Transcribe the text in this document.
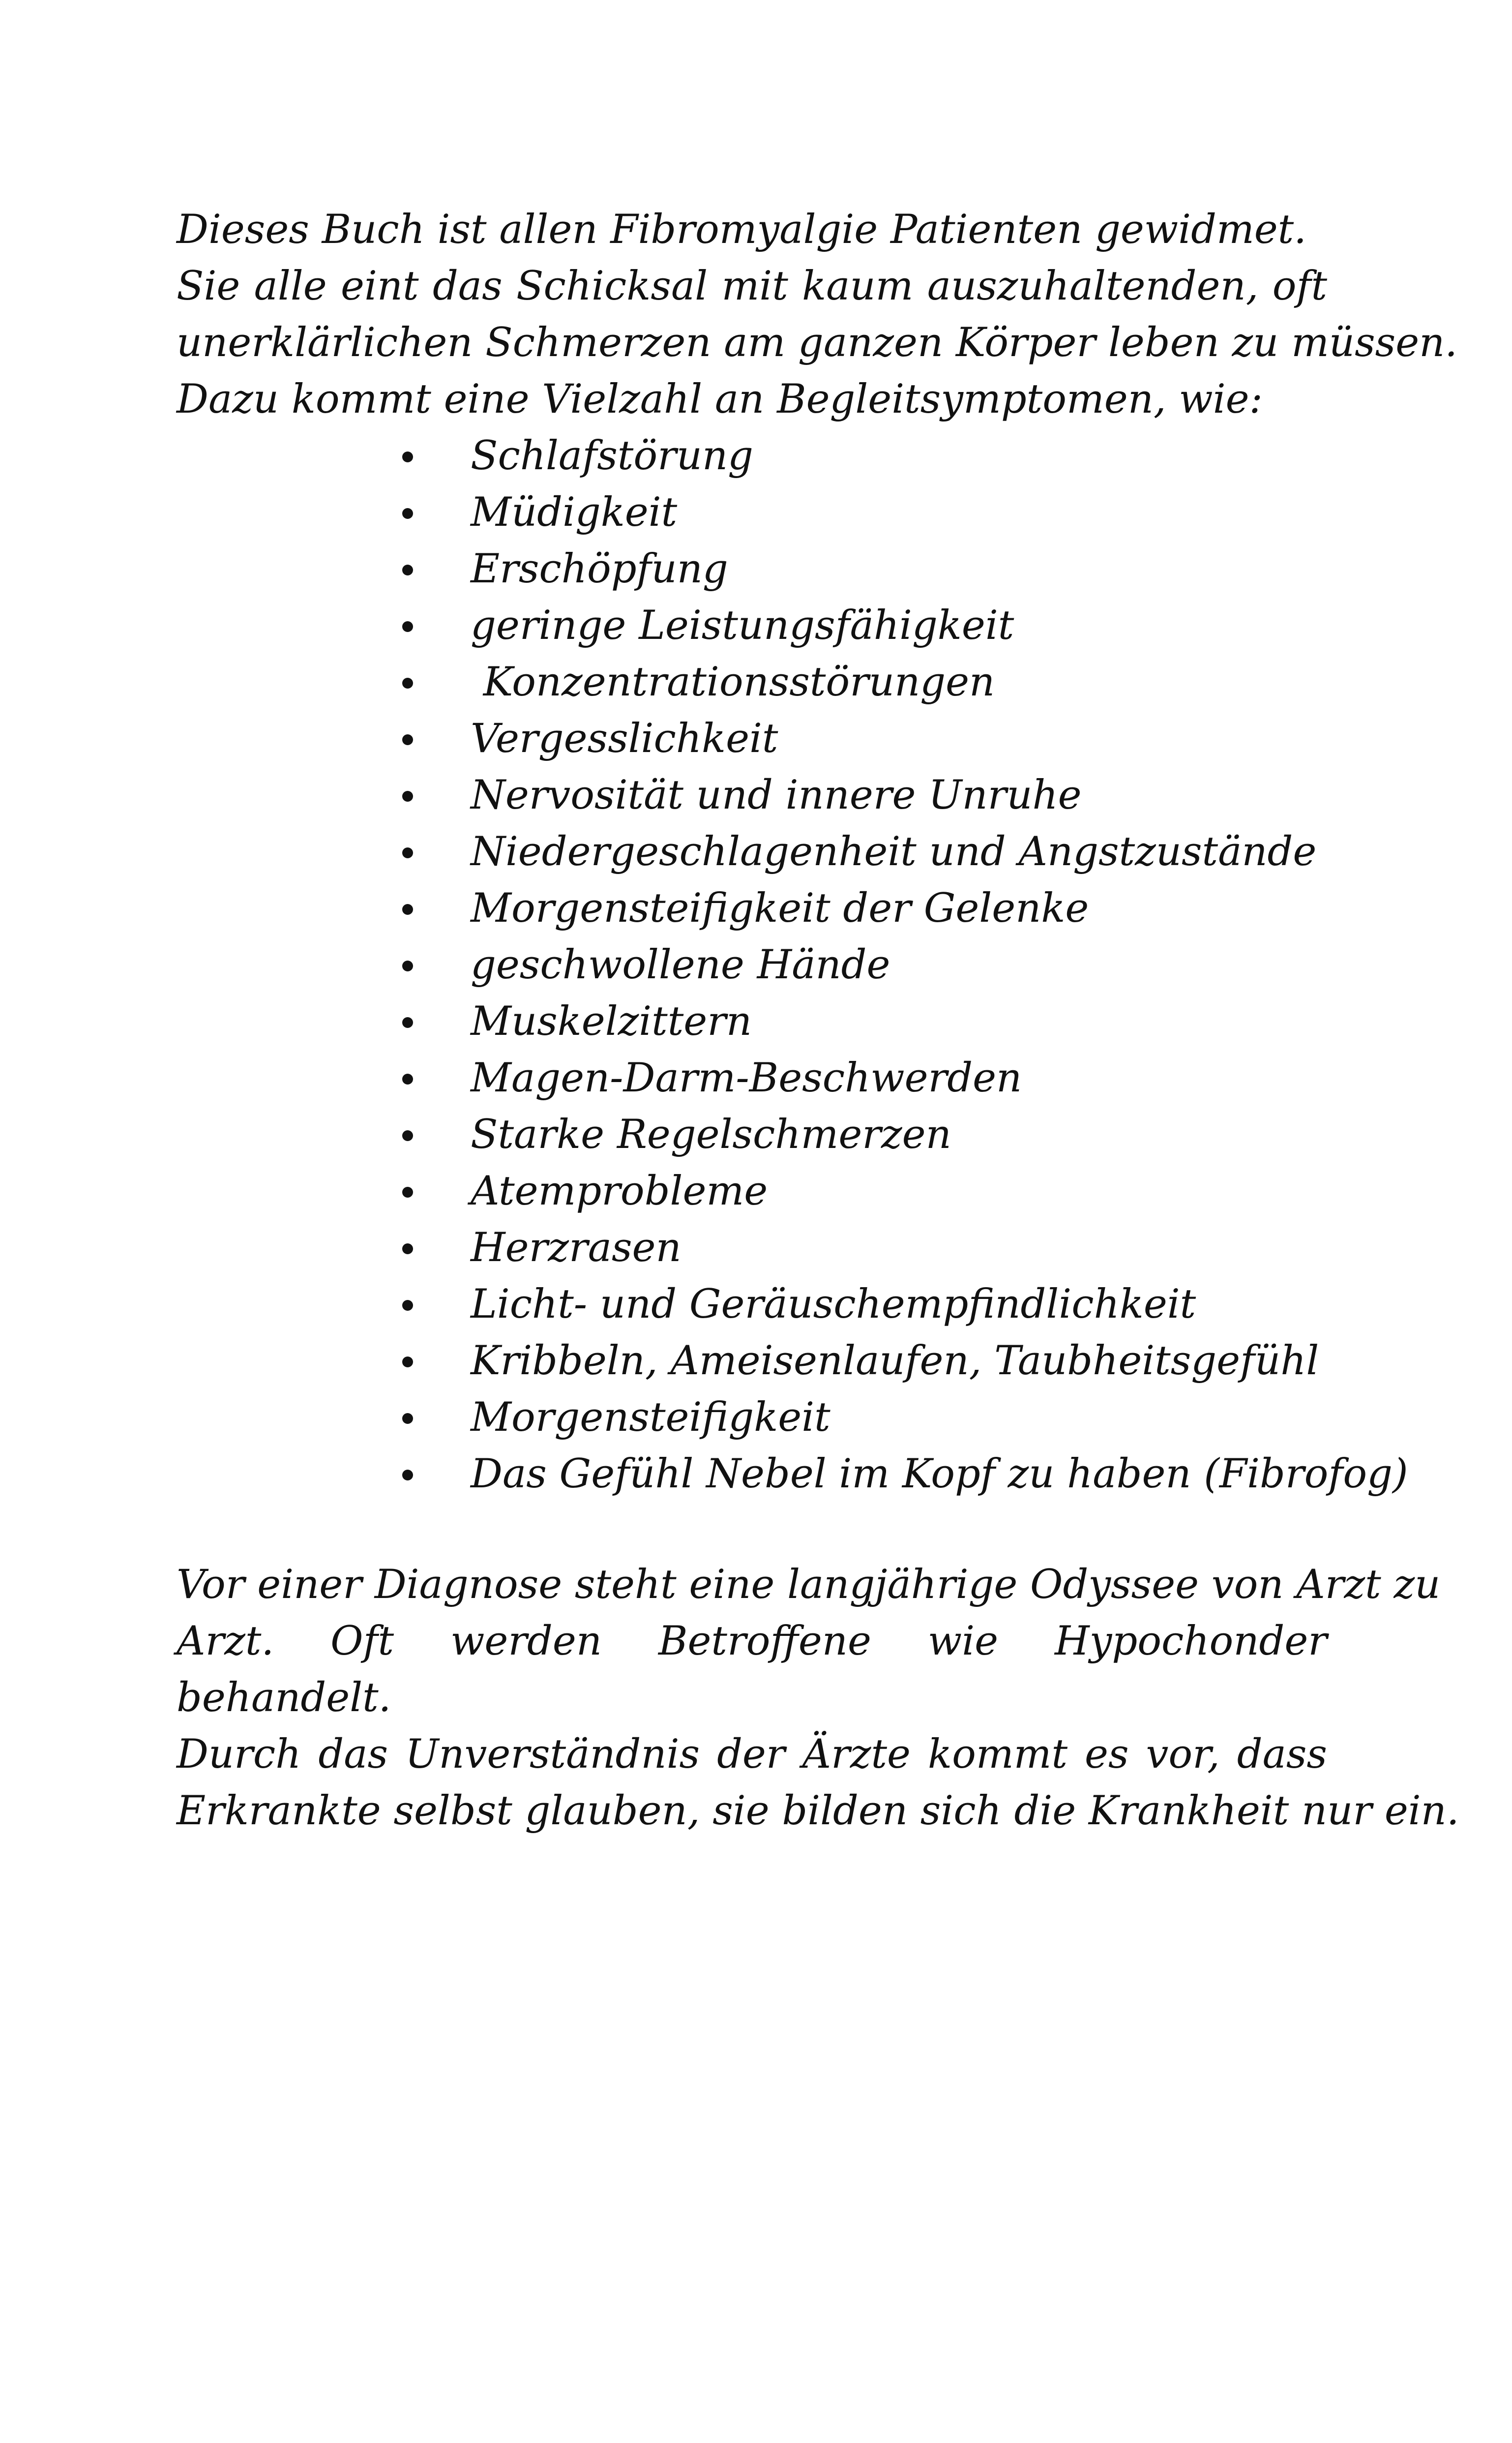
Dieses Buch ist allen Fibromyalgie Patienten gewidmet.
Sie alle eint das Schicksal mit kaum auszuhaltenden, oft
unerklärlichen Schmerzen am ganzen Körper leben zu müssen.
Dazu kommt eine Vielzahl an Begleitsymptomen, wie:
Schlafstörung
Müdigkeit
Erschöpfung
geringe Leistungsfähigkeit
Konzentrationsstörungen
Vergesslichkeit
Nervosität und innere Unruhe
Niedergeschlagenheit und Angstzustände
Morgensteifigkeit der Gelenke
geschwollene Hände
Muskelzittern
Magen-Darm-Beschwerden
Starke Regelschmerzen
Atemprobleme
Herzrasen
Licht- und Geräuschempfindlichkeit
Kribbeln, Ameisenlaufen, Taubheitsgefühl
Morgensteifigkeit
Das Gefühl Nebel im Kopf zu haben (Fibrofog)
Vor einer Diagnose steht eine langjährige Odyssee von Arzt zu
Arzt. Oft werden Betroffene wie Hypochonder behandelt.
Durch das Unverständnis der Ärzte kommt es vor, dass
Erkrankte selbst glauben, sie bilden sich die Krankheit nur ein.
